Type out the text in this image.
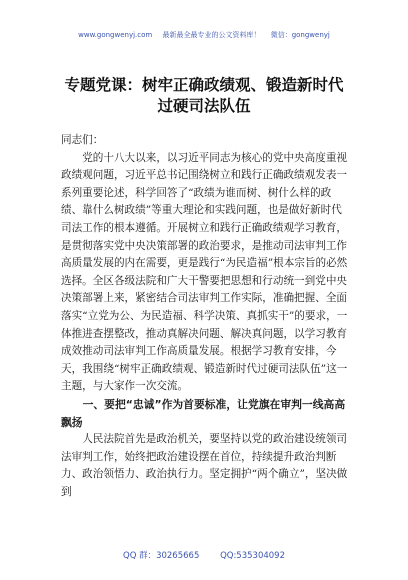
www.gongwenyj.com 最新最全最专业的公文资料库！ 微信：gongwenyj
专题党课：树牢正确政绩观、锻造新时代
过硬司法队伍

同志们：

党的十八大以来，以习近平同志为核心的党中央高度重视政绩观问题，习近平总书记围绕树立和践行正确政绩观发表一系列重要论述，科学回答了“政绩为谁而树、树什么样的政绩、靠什么树政绩”等重大理论和实践问题，也是做好新时代司法工作的根本遵循。开展树立和践行正确政绩观学习教育，是贯彻落实党中央决策部署的政治要求，是推动司法审判工作高质量发展的内在需要，更是践行“为民造福”根本宗旨的必然选择。全区各级法院和广大干警要把思想和行动统一到党中央决策部署上来，紧密结合司法审判工作实际，准确把握、全面落实“立党为公、为民造福、科学决策、真抓实干”的要求，一体推进查摆整改，推动真解决问题、解决真问题，以学习教育成效推动司法审判工作高质量发展。根据学习教育安排，今天，我围绕“树牢正确政绩观、锻造新时代过硬司法队伍”这一主题，与大家作一次交流。

一、要把“忠诚”作为首要标准，让党旗在审判一线高高飘扬

人民法院首先是政治机关，要坚持以党的政治建设统领司法审判工作，始终把政治建设摆在首位，持续提升政治判断力、政治领悟力、政治执行力。坚定拥护“两个确立”，坚决做到

QQ 群：30265665 QQ:535304092
